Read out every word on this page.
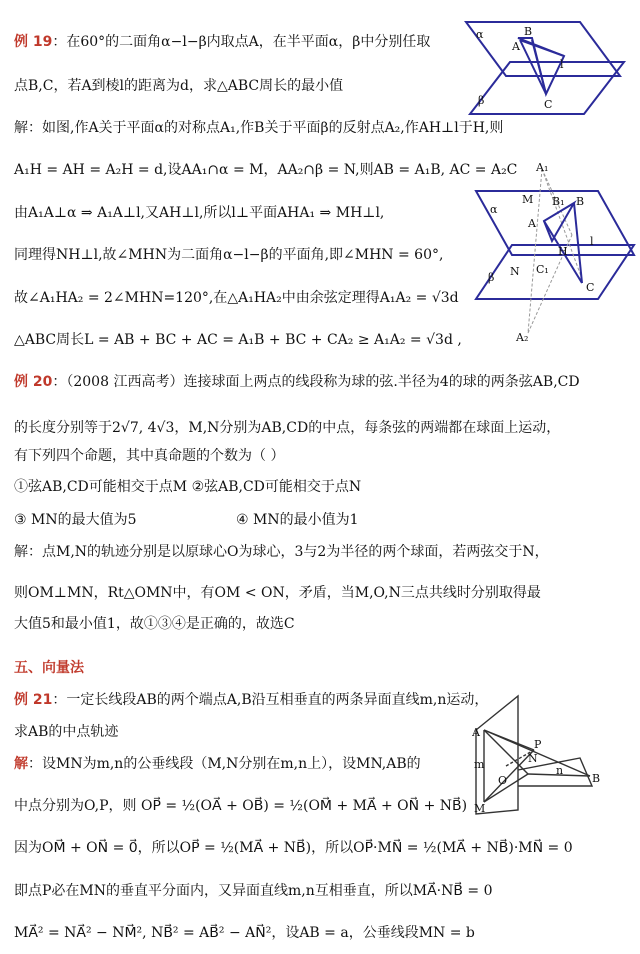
例 19：在60°的二面角α−l−β内取点A，在半平面α，β中分别任取
点B,C，若A到棱l的距离为d，求△ABC周长的最小值
解：如图,作A关于平面α的对称点A₁,作B关于平面β的反射点A₂,作AH⊥l于H,则
A₁H = AH = A₂H = d,设AA₁∩α = M，AA₂∩β = N,则AB = A₁B, AC = A₂C
由A₁A⊥α ⇒ A₁A⊥l,又AH⊥l,所以l⊥平面AHA₁ ⇒ MH⊥l,
同理得NH⊥l,故∠MHN为二面角α−l−β的平面角,即∠MHN = 60°,
故∠A₁HA₂ = 2∠MHN=120°,在△A₁HA₂中由余弦定理得A₁A₂ = √3d
△ABC周长L = AB + BC + AC = A₁B + BC + CA₂ ≥ A₁A₂ = √3d ,
α
β
l
A
B
C
A₁
α
M
A
B
B₁
H
l
β N C₁
C
A₂
例 20：（2008 江西高考）连接球面上两点的线段称为球的弦.半径为4的球的两条弦AB,CD
的长度分别等于2√7, 4√3，M,N分别为AB,CD的中点，每条弦的两端都在球面上运动，
有下列四个命题，其中真命题的个数为（ ）
①弦AB,CD可能相交于点M ②弦AB,CD可能相交于点N
③ MN的最大值为5	④ MN的最小值为1
解：点M,N的轨迹分别是以原球心O为球心，3与2为半径的两个球面，若两弦交于N，
则OM⊥MN，Rt△OMN中，有OM < ON，矛盾，当M,O,N三点共线时分别取得最
大值5和最小值1，故①③④是正确的，故选C
五、向量法
例 21：一定长线段AB的两个端点A,B沿互相垂直的两条异面直线m,n运动，
求AB的中点轨迹
解：设MN为m,n的公垂线段（M,N分别在m,n上），设MN,AB的
中点分别为O,P，则 OP⃗ = ½(OA⃗ + OB⃗) = ½(OM⃗ + MA⃗ + ON⃗ + NB⃗)
因为OM⃗ + ON⃗ = 0⃗，所以OP⃗ = ½(MA⃗ + NB⃗)，所以OP⃗·MN⃗ = ½(MA⃗ + NB⃗)·MN⃗ = 0
即点P必在MN的垂直平分面内，又异面直线m,n互相垂直，所以MA⃗·NB⃗ = 0
MA⃗² = NA⃗² − NM⃗², NB⃗² = AB⃗² − AN⃗²，设AB = a，公垂线段MN = b
A
P
m	N
n
B
O
M
